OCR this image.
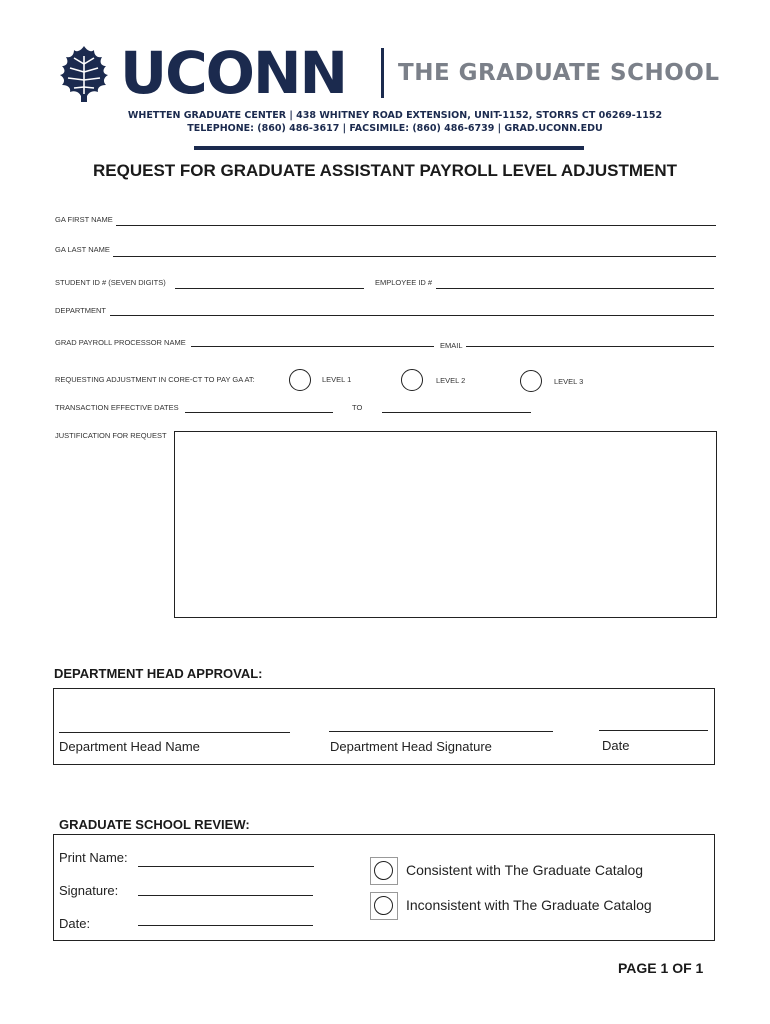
UCONN THE GRADUATE SCHOOL
WHETTEN GRADUATE CENTER | 438 WHITNEY ROAD EXTENSION, UNIT-1152, STORRS CT 06269-1152
TELEPHONE: (860) 486-3617 | FACSIMILE: (860) 486-6739 | GRAD.UCONN.EDU
REQUEST FOR GRADUATE ASSISTANT PAYROLL LEVEL ADJUSTMENT
GA FIRST NAME
GA LAST NAME
STUDENT ID # (SEVEN DIGITS)	EMPLOYEE ID #
DEPARTMENT
GRAD PAYROLL PROCESSOR NAME	EMAIL
REQUESTING ADJUSTMENT IN CORE-CT TO PAY GA AT:	LEVEL 1	LEVEL 2	LEVEL 3
TRANSACTION EFFECTIVE DATES	TO
JUSTIFICATION FOR REQUEST
DEPARTMENT HEAD APPROVAL:
Department Head Name	Department Head Signature	Date
GRADUATE SCHOOL REVIEW:
Print Name:
Signature:
Date:
Consistent with The Graduate Catalog
Inconsistent with The Graduate Catalog
PAGE 1 OF 1
